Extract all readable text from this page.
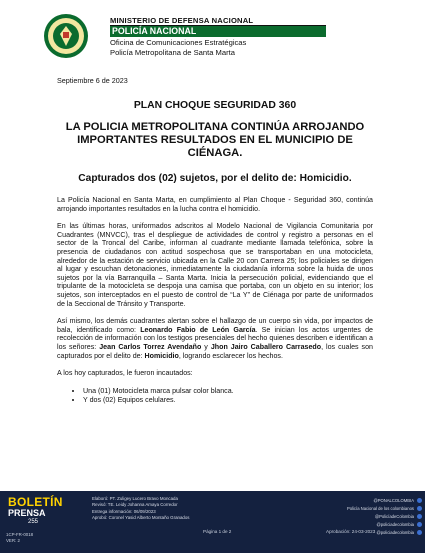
MINISTERIO DE DEFENSA NACIONAL
POLICÍA NACIONAL
Oficina de Comunicaciones Estratégicas
Policía Metropolitana de Santa Marta
Septiembre 6 de 2023
PLAN CHOQUE SEGURIDAD 360
LA POLICIA METROPOLITANA CONTINÚA ARROJANDO IMPORTANTES RESULTADOS EN EL MUNICIPIO DE CIÉNAGA.
Capturados dos (02) sujetos, por el delito de: Homicidio.

La Policía Nacional en Santa Marta, en cumplimiento al Plan Choque - Seguridad 360, continúa arrojando importantes resultados en la lucha contra el homicidio.

En las últimas horas, uniformados adscritos al Modelo Nacional de Vigilancia Comunitaria por Cuadrantes (MNVCC), tras el despliegue de actividades de control y registro a personas en el sector de la Troncal del Caribe, informan al cuadrante mediante llamada telefónica, sobre la presencia de ciudadanos con actitud sospechosa que se transportaban en una motocicleta, alrededor de la estación de servicio ubicada en la Calle 20 con Carrera 25; los policiales se dirigen al lugar y escuchan detonaciones, inmediatamente la ciudadanía informa sobre la huida de unos sujetos por la vía Barranquilla – Santa Marta. Inicia la persecución policial, evidenciando que el tripulante de la motocicleta se despoja una camisa que portaba, con un objeto en su interior; los sujetos, son interceptados en el puesto de control de “La Y” de Ciénaga por parte de uniformados de la Seccional de Tránsito y Transporte.

Así mismo, los demás cuadrantes alertan sobre el hallazgo de un cuerpo sin vida, por impactos de bala, identificado como: Leonardo Fabio de León García. Se inician los actos urgentes de recolección de información con los testigos presenciales del hecho quienes describen e identifican a los señores: Jean Carlos Torrez Avendaño y Jhon Jairo Caballero Carrasedo, los cuales son capturados por el delito de: Homicidio, logrando esclarecer los hechos.

A los hoy capturados, le fueron incautados:

• Una (01) Motocicleta marca pulsar color blanca.
• Y dos (02) Equipos celulares.
BOLETÍN
PRENSA
255
Elaboró: PT. Zuligey Lucero Bravo Moncada
Revisó: TE. Leidy Johanna Amaya Corredor
Entrega información: 06/09/2023
Aprobó: Coronel Yasid Alberto Montaño Granados
Página 1 de 2	Aprobación: 24-03-2023
@PONALCOLOMBIA
Policía Nacional de los colombianos
@PolicíadeColombia
@policiadecolombia
@policiadecolombia
1CP-FR-0018
VER: 2
